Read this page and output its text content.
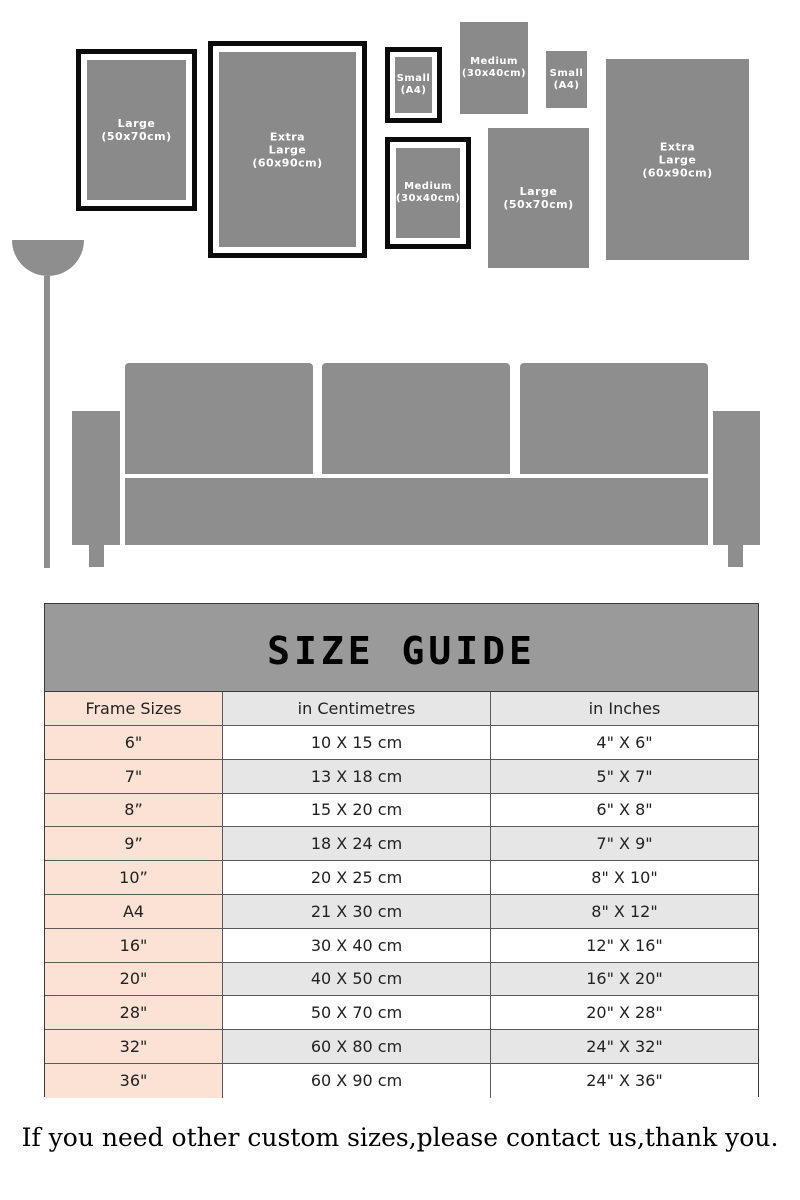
Large
(50x70cm)	Extra
Large
(60x90cm)
Small
(A4)
Medium
(30x40cm)
Medium
(30x40cm)	Small
(A4)
Large
(50x70cm)
Extra
Large
(60x90cm)
SIZE GUIDE
Frame Sizes	in Centimetres	in Inches
6"	10 X 15 cm	4" X 6"
7"	13 X 18 cm	5" X 7"
8”	15 X 20 cm	6" X 8"
9”	18 X 24 cm	7" X 9"
10”	20 X 25 cm	8" X 10"
A4	21 X 30 cm	8" X 12"
16"	30 X 40 cm	12" X 16"
20"	40 X 50 cm	16" X 20"
28"	50 X 70 cm	20" X 28"
32"	60 X 80 cm	24" X 32"
36"	60 X 90 cm	24" X 36"
If you need other custom sizes,please contact us,thank you.
